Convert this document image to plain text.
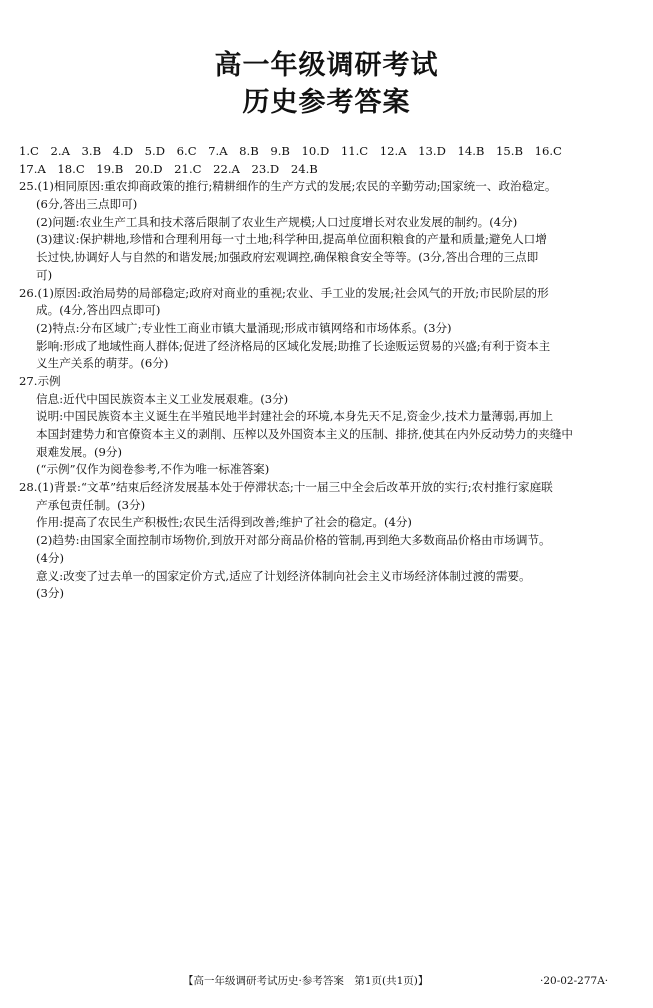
高一年级调研考试
历史参考答案
1.C　2.A　3.B　4.D　5.D　6.C　7.A　8.B　9.B　10.D　11.C　12.A　13.D　14.B　15.B　16.C
17.A　18.C　19.B　20.D　21.C　22.A　23.D　24.B
25.(1)相同原因:重农抑商政策的推行;精耕细作的生产方式的发展;农民的辛勤劳动;国家统一、政治稳定。
(6分,答出三点即可)
(2)问题:农业生产工具和技术落后限制了农业生产规模;人口过度增长对农业发展的制约。(4分)
(3)建议:保护耕地,珍惜和合理利用每一寸土地;科学种田,提高单位面积粮食的产量和质量;避免人口增
长过快,协调好人与自然的和谐发展;加强政府宏观调控,确保粮食安全等等。(3分,答出合理的三点即
可)
26.(1)原因:政治局势的局部稳定;政府对商业的重视;农业、手工业的发展;社会风气的开放;市民阶层的形
成。(4分,答出四点即可)
(2)特点:分布区域广;专业性工商业市镇大量涌现;形成市镇网络和市场体系。(3分)
影响:形成了地域性商人群体;促进了经济格局的区域化发展;助推了长途贩运贸易的兴盛;有利于资本主
义生产关系的萌芽。(6分)
27.示例
信息:近代中国民族资本主义工业发展艰难。(3分)
说明:中国民族资本主义诞生在半殖民地半封建社会的环境,本身先天不足,资金少,技术力量薄弱,再加上
本国封建势力和官僚资本主义的剥削、压榨以及外国资本主义的压制、排挤,使其在内外反动势力的夹缝中
艰难发展。(9分)
(“示例”仅作为阅卷参考,不作为唯一标准答案)
28.(1)背景:“文革”结束后经济发展基本处于停滞状态;十一届三中全会后改革开放的实行;农村推行家庭联
产承包责任制。(3分)
作用:提高了农民生产积极性;农民生活得到改善;维护了社会的稳定。(4分)
(2)趋势:由国家全面控制市场物价,到放开对部分商品价格的管制,再到绝大多数商品价格由市场调节。
(4分)
意义:改变了过去单一的国家定价方式,适应了计划经济体制向社会主义市场经济体制过渡的需要。
(3分)
【高一年级调研考试历史·参考答案　第1页(共1页)】	·20-02-277A·
